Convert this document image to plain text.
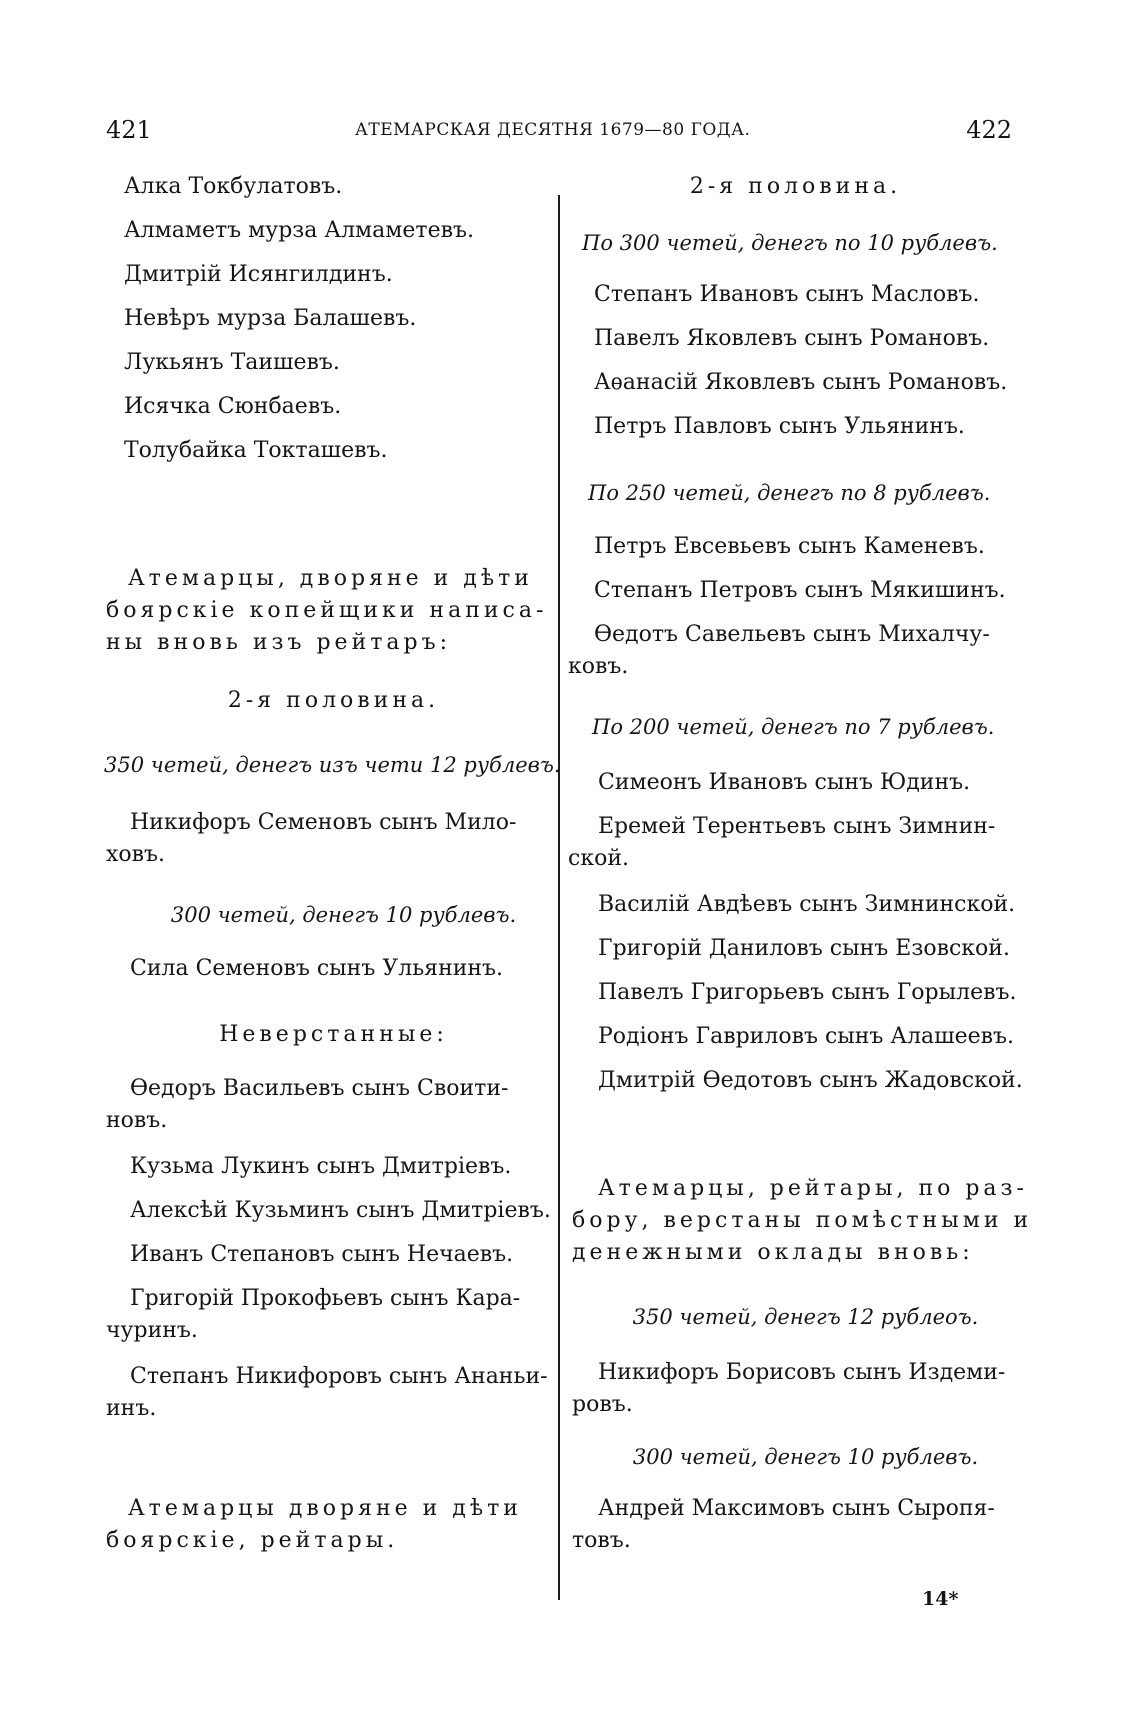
421	АТЕМАРСКАЯ ДЕСЯТНЯ 1679—80 ГОДА.	422
Алка Токбулатовъ.
Алмаметъ мурза Алмаметевъ.
Дмитрій Исянгилдинъ.
Невѣръ мурза Балашевъ.
Лукьянъ Таишевъ.
Исячка Сюнбаевъ.
Толубайка Токташевъ.
Атемарцы, дворяне и дѣти
боярскіе копейщики написа-
ны вновь изъ рейтаръ:
2-я половина.
350 четей, денегъ изъ чети 12 рублевъ.
Никифоръ Семеновъ сынъ Мило-
ховъ.
300 четей, денегъ 10 рублевъ.
Сила Семеновъ сынъ Ульянинъ.
Неверстанные:
Ѳедоръ Васильевъ сынъ Своити-
новъ.
Кузьма Лукинъ сынъ Дмитріевъ.
Алексѣй Кузьминъ сынъ Дмитріевъ.
Иванъ Степановъ сынъ Нечаевъ.
Григорій Прокофьевъ сынъ Кара-
чуринъ.
Степанъ Никифоровъ сынъ Ананьи-
инъ.
Атемарцы дворяне и дѣти
боярскіе, рейтары.
2-я половина.
По 300 четей, денегъ по 10 рублевъ.
Степанъ Ивановъ сынъ Масловъ.
Павелъ Яковлевъ сынъ Романовъ.
Аѳанасій Яковлевъ сынъ Романовъ.
Петръ Павловъ сынъ Ульянинъ.
По 250 четей, денегъ по 8 рублевъ.
Петръ Евсевьевъ сынъ Каменевъ.
Степанъ Петровъ сынъ Мякишинъ.
Ѳедотъ Савельевъ сынъ Михалчу-
ковъ.
По 200 четей, денегъ по 7 рублевъ.
Симеонъ Ивановъ сынъ Юдинъ.
Еремей Терентьевъ сынъ Зимнин-
ской.
Василій Авдѣевъ сынъ Зимнинской.
Григорій Даниловъ сынъ Езовской.
Павелъ Григорьевъ сынъ Горылевъ.
Родіонъ Гавриловъ сынъ Алашеевъ.
Дмитрій Ѳедотовъ сынъ Жадовской.
Атемарцы, рейтары, по раз-
бору, верстаны помѣстными и
денежными оклады вновь:
350 четей, денегъ 12 рублеоъ.
Никифоръ Борисовъ сынъ Издеми-
ровъ.
300 четей, денегъ 10 рублевъ.
Андрей Максимовъ сынъ Сыропя-
товъ.
14*
